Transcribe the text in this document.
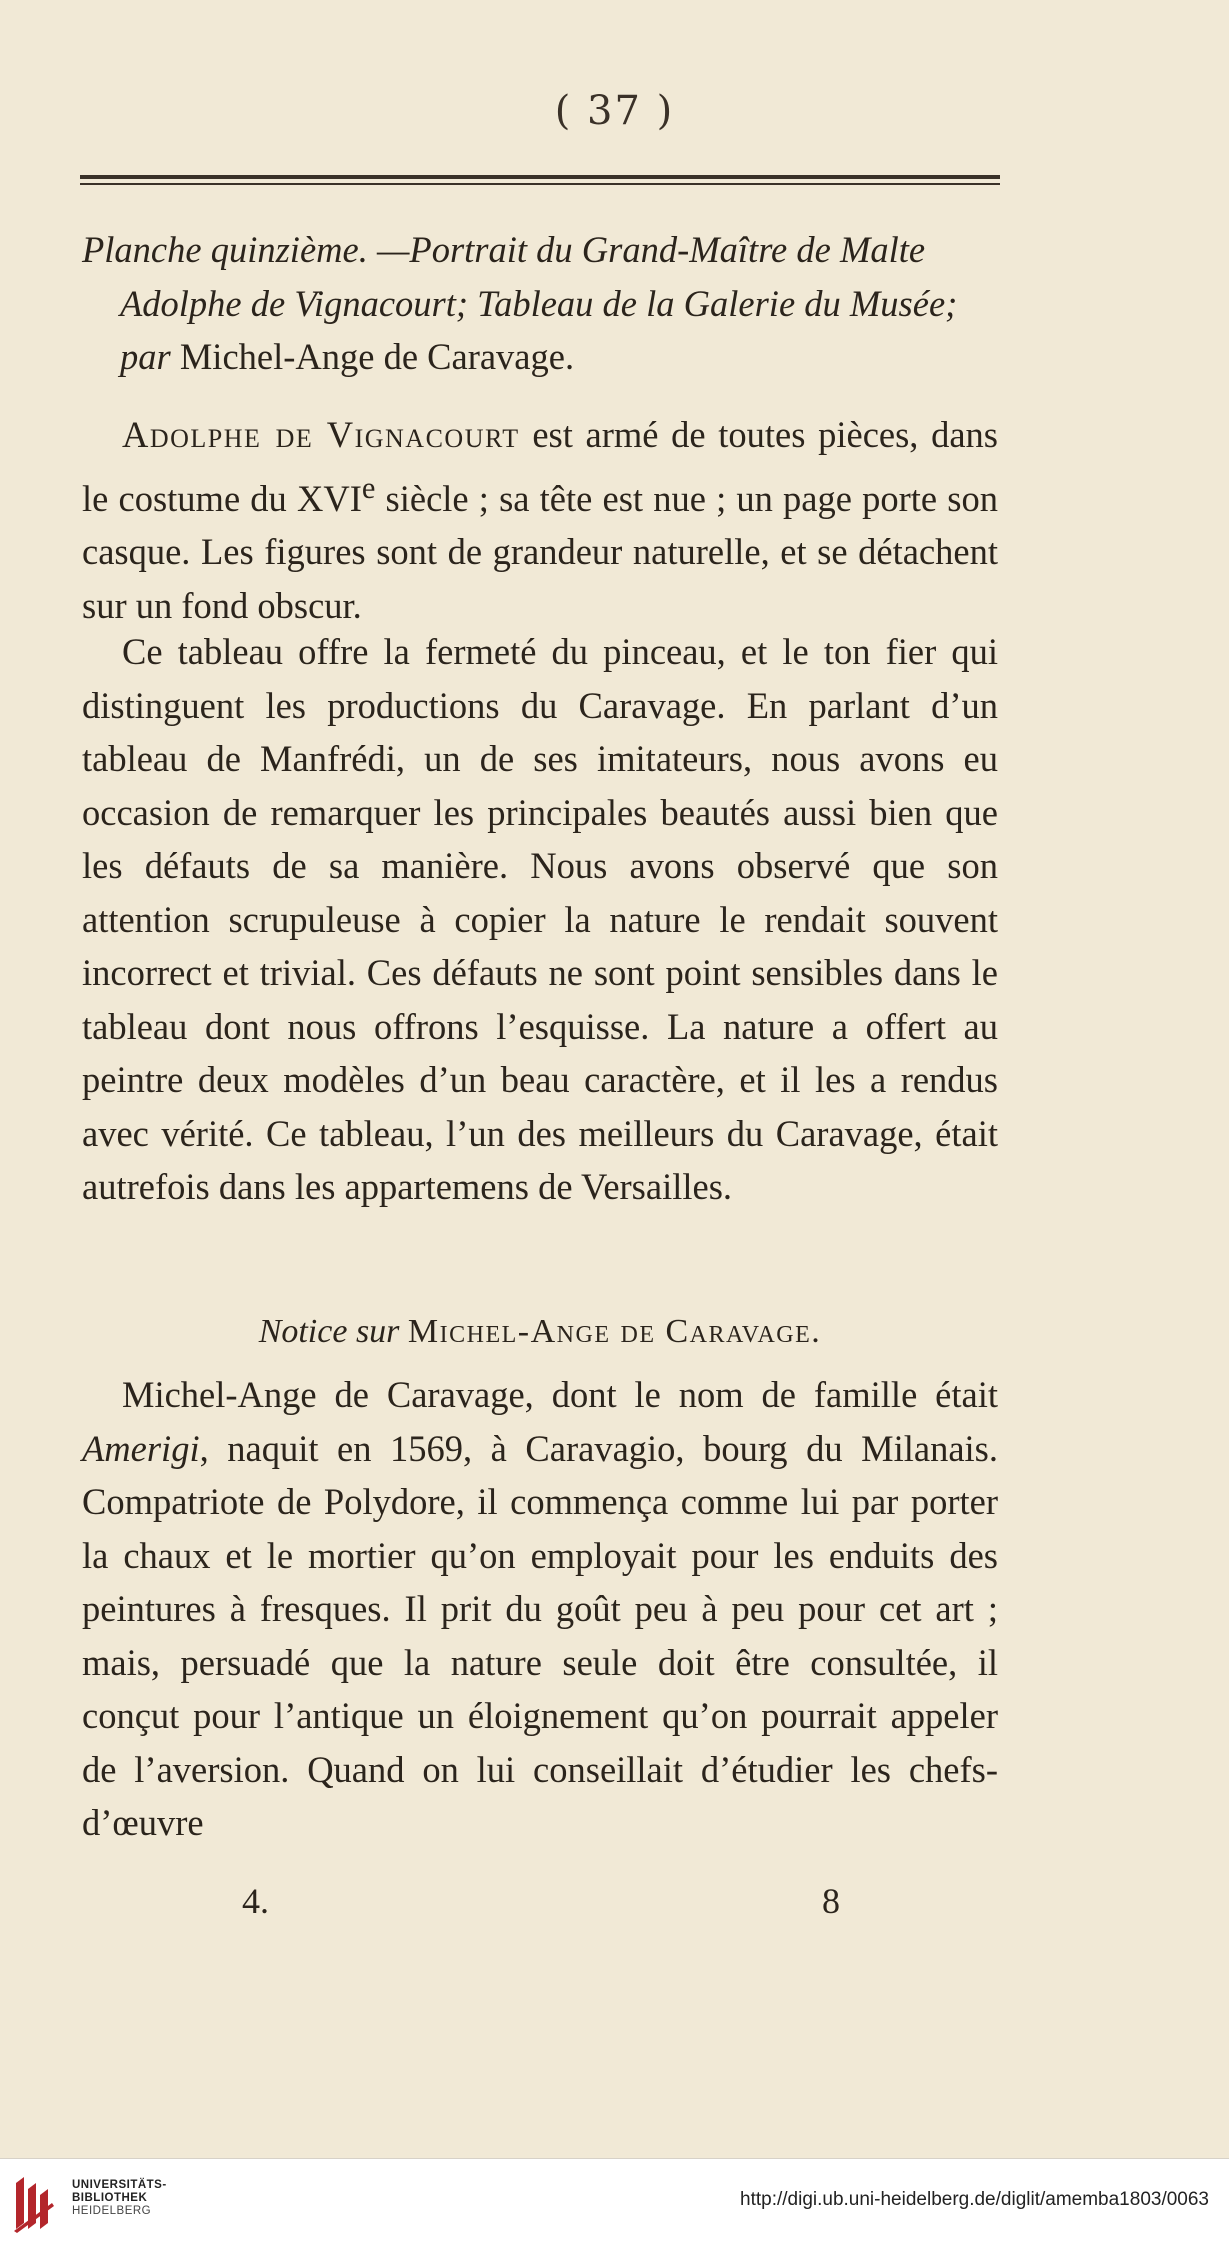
( 37 )
Planche quinzième. —Portrait du Grand-Maître de Malte
Adolphe de Vignacourt; Tableau de la Galerie du Musée;
par Michel-Ange de Caravage.

Adolphe de Vignacourt est armé de toutes pièces, dans le costume du XVIe siècle ; sa tête est nue ; un page porte son casque. Les figures sont de grandeur naturelle, et se détachent sur un fond obscur.

Ce tableau offre la fermeté du pinceau, et le ton fier qui distinguent les productions du Caravage. En parlant d’un tableau de Manfrédi, un de ses imitateurs, nous avons eu occasion de remarquer les principales beautés aussi bien que les défauts de sa manière. Nous avons observé que son attention scrupuleuse à copier la nature le rendait souvent incorrect et trivial. Ces défauts ne sont point sensibles dans le tableau dont nous offrons l’esquisse. La nature a offert au peintre deux modèles d’un beau caractère, et il les a rendus avec vérité. Ce tableau, l’un des meilleurs du Caravage, était autrefois dans les appartemens de Versailles.

Notice sur Michel-Ange de Caravage.

Michel-Ange de Caravage, dont le nom de famille était Amerigi, naquit en 1569, à Caravagio, bourg du Milanais. Compatriote de Polydore, il commença comme lui par porter la chaux et le mortier qu’on employait pour les enduits des peintures à fresques. Il prit du goût peu à peu pour cet art ; mais, persuadé que la nature seule doit être consultée, il conçut pour l’antique un éloignement qu’on pourrait appeler de l’aversion. Quand on lui conseillait d’étudier les chefs-d’œuvre

4.	8
UNIVERSITÄTS-
BIBLIOTHEK
HEIDELBERG
http://digi.ub.uni-heidelberg.de/diglit/amemba1803/0063
